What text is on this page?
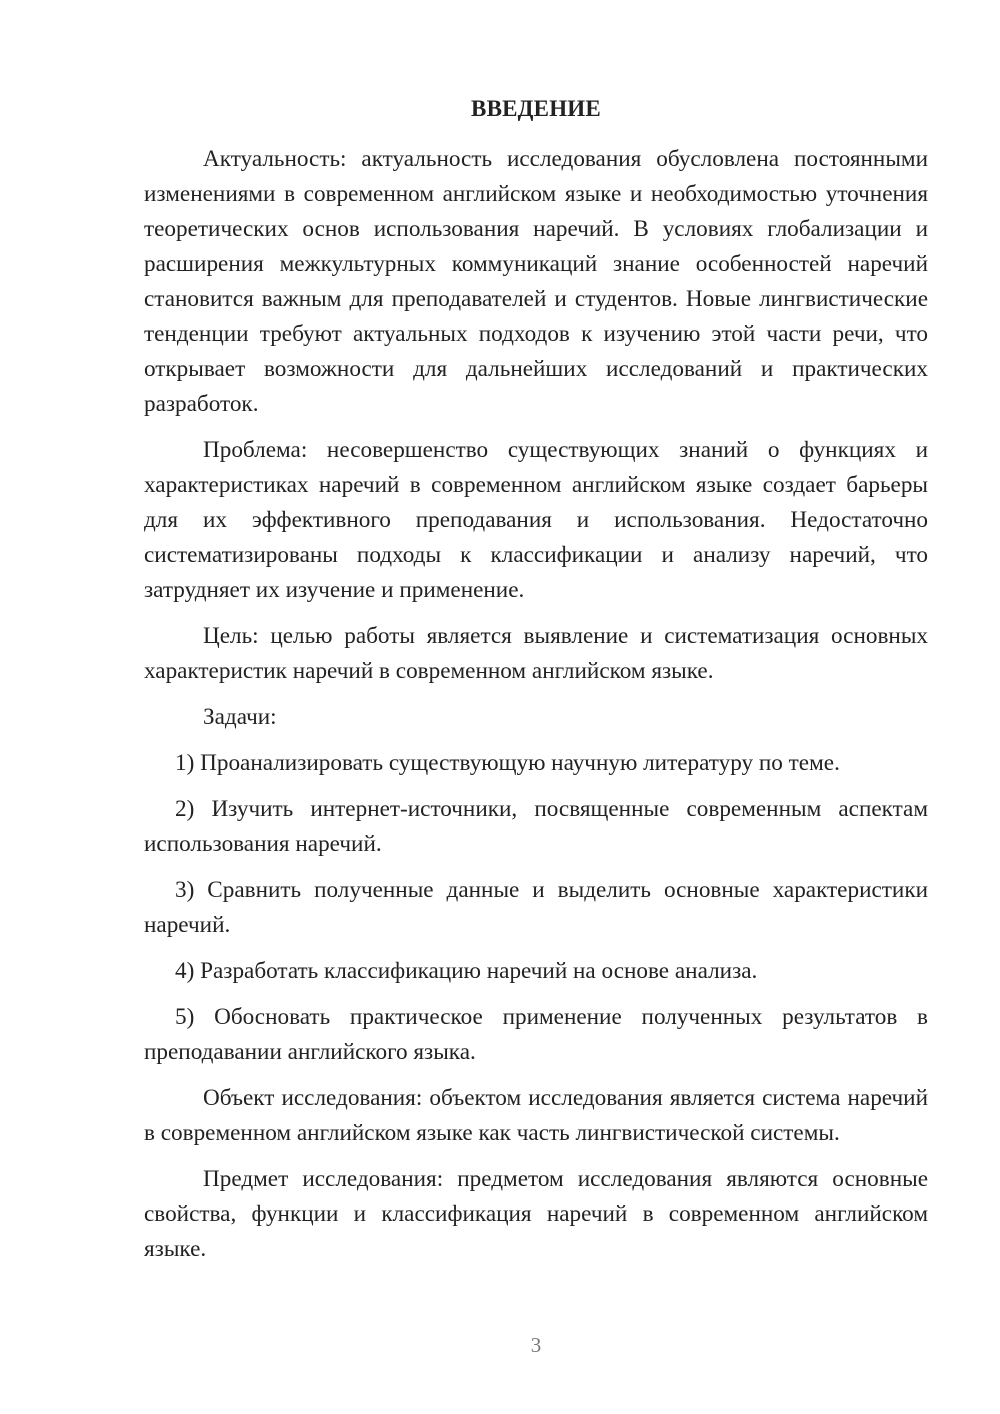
ВВЕДЕНИЕ

Актуальность: актуальность исследования обусловлена постоянными изменениями в современном английском языке и необходимостью уточнения теоретических основ использования наречий. В условиях глобализации и расширения межкультурных коммуникаций знание особенностей наречий становится важным для преподавателей и студентов. Новые лингвистические тенденции требуют актуальных подходов к изучению этой части речи, что открывает возможности для дальнейших исследований и практических разработок.

Проблема: несовершенство существующих знаний о функциях и характеристиках наречий в современном английском языке создает барьеры для их эффективного преподавания и использования. Недостаточно систематизированы подходы к классификации и анализу наречий, что затрудняет их изучение и применение.

Цель: целью работы является выявление и систематизация основных характеристик наречий в современном английском языке.

Задачи:

1) Проанализировать существующую научную литературу по теме.

2) Изучить интернет-источники, посвященные современным аспектам использования наречий.

3) Сравнить полученные данные и выделить основные характеристики наречий.

4) Разработать классификацию наречий на основе анализа.

5) Обосновать практическое применение полученных результатов в преподавании английского языка.

Объект исследования: объектом исследования является система наречий в современном английском языке как часть лингвистической системы.

Предмет исследования: предметом исследования являются основные свойства, функции и классификация наречий в современном английском языке.

3
